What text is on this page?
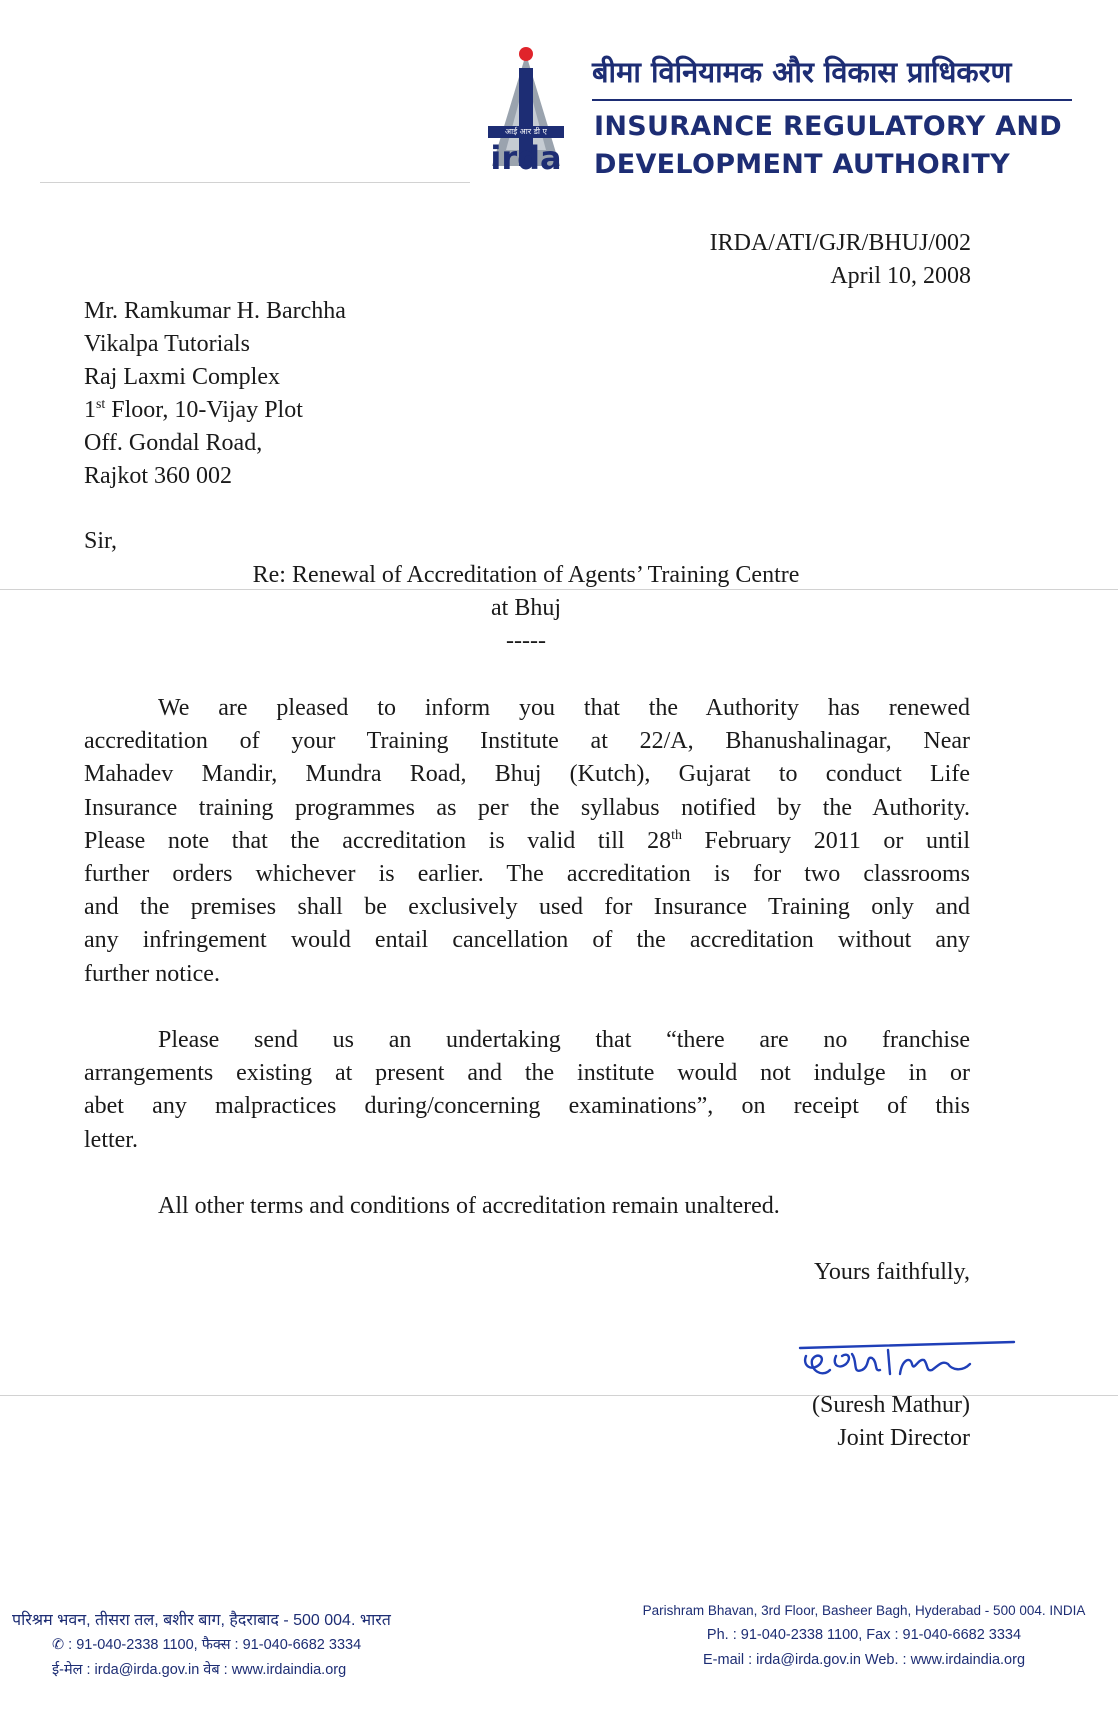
आई आर डी ए
irda
बीमा विनियामक और विकास प्राधिकरण
INSURANCE REGULATORY AND
DEVELOPMENT AUTHORITY
IRDA/ATI/GJR/BHUJ/002
April 10, 2008
Mr. Ramkumar H. Barchha
Vikalpa Tutorials
Raj Laxmi Complex
1st Floor, 10-Vijay Plot
Off. Gondal Road,
Rajkot 360 002
Sir,
Re: Renewal of Accreditation of Agents’ Training Centre
at Bhuj
-----
We are pleased to inform you that the Authority has renewed
accreditation of your Training Institute at 22/A, Bhanushalinagar, Near
Mahadev Mandir, Mundra Road, Bhuj (Kutch), Gujarat to conduct Life
Insurance training programmes as per the syllabus notified by the Authority.
Please note that the accreditation is valid till 28th February 2011 or until
further orders whichever is earlier. The accreditation is for two classrooms
and the premises shall be exclusively used for Insurance Training only and
any infringement would entail cancellation of the accreditation without any
further notice.
Please send us an undertaking that “there are no franchise
arrangements existing at present and the institute would not indulge in or
abet any malpractices during/concerning examinations”, on receipt of this
letter.
All other terms and conditions of accreditation remain unaltered.
Yours faithfully,
(Suresh Mathur)
Joint Director
परिश्रम भवन, तीसरा तल, बशीर बाग, हैदराबाद - 500 004. भारत
✆ : 91-040-2338 1100, फैक्स : 91-040-6682 3334
ई-मेल : irda@irda.gov.in वेब : www.irdaindia.org
Parishram Bhavan, 3rd Floor, Basheer Bagh, Hyderabad - 500 004. INDIA
Ph. : 91-040-2338 1100, Fax : 91-040-6682 3334
E-mail : irda@irda.gov.in Web. : www.irdaindia.org
